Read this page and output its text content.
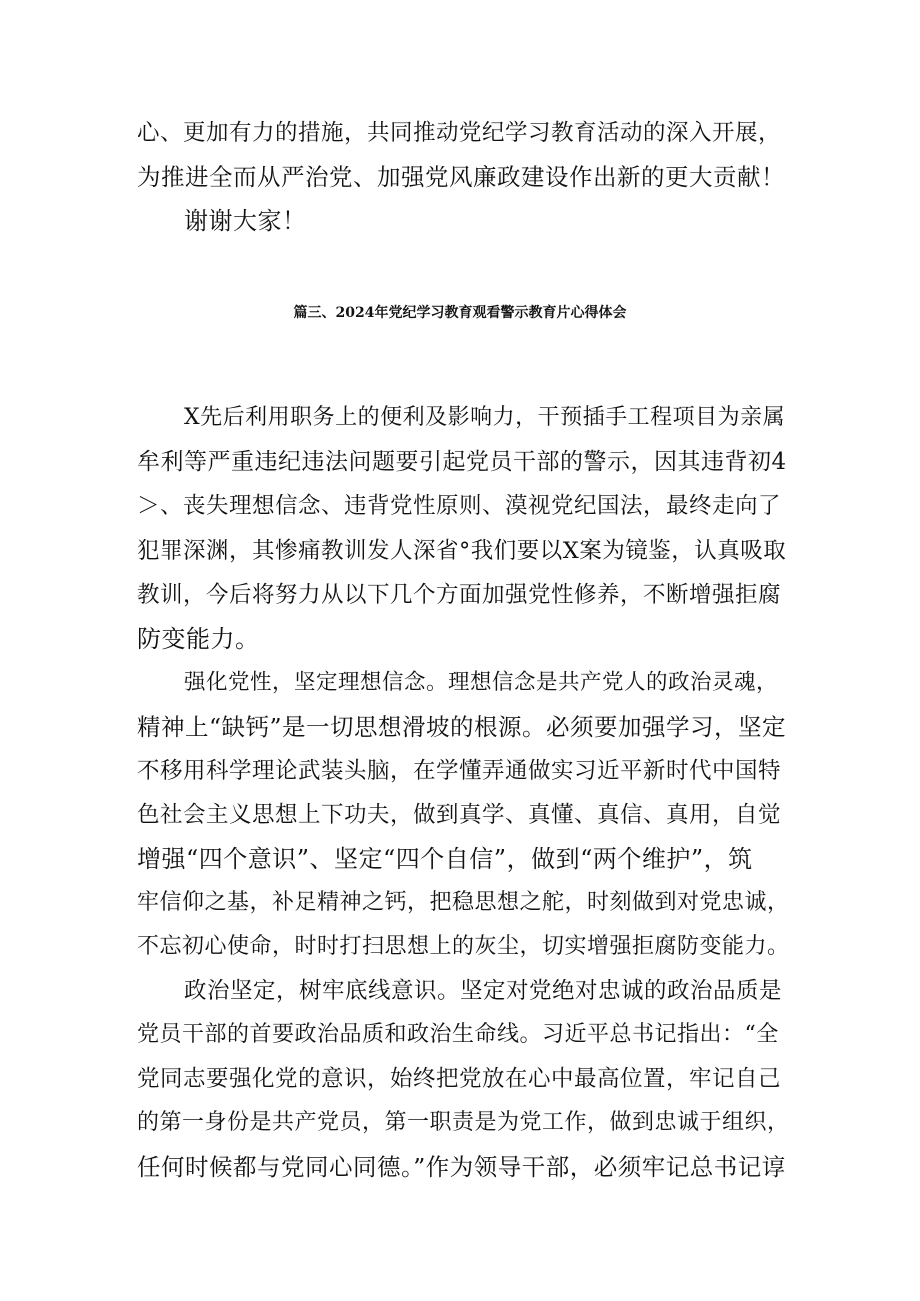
心、更加有力的措施，共同推动党纪学习教育活动的深入开展，
为推进全而从严治党、加强党风廉政建设作出新的更大贡献！
谢谢大家！
篇三、2024年党纪学习教育观看警示教育片心得体会
X先后利用职务上的便利及影响力，干预插手工程项目为亲属
牟利等严重违纪违法问题要引起党员干部的警示，因其违背初4
＞、丧失理想信念、违背党性原则、漠视党纪国法，最终走向了
犯罪深渊，其惨痛教训发人深省°我们要以X案为镜鉴，认真吸取
教训，今后将努力从以下几个方面加强党性修养，不断增强拒腐
防变能力。
强化党性，坚定理想信念。理想信念是共产党人的政治灵魂，
精神上“缺钙”是一切思想滑坡的根源。必须要加强学习，坚定
不移用科学理论武装头脑，在学懂弄通做实习近平新时代中国特
色社会主义思想上下功夫，做到真学、真懂、真信、真用，自觉
增强“四个意识”、坚定“四个自信”，做到“两个维护”，筑
牢信仰之基，补足精神之钙，把稳思想之舵，时刻做到对党忠诚，
不忘初心使命，时时打扫思想上的灰尘，切实增强拒腐防变能力。
政治坚定，树牢底线意识。坚定对党绝对忠诚的政治品质是
党员干部的首要政治品质和政治生命线。习近平总书记指出：“全
党同志要强化党的意识，始终把党放在心中最高位置，牢记自己
的第一身份是共产党员，第一职责是为党工作，做到忠诚于组织，
任何时候都与党同心同德。”作为领导干部，必须牢记总书记谆
